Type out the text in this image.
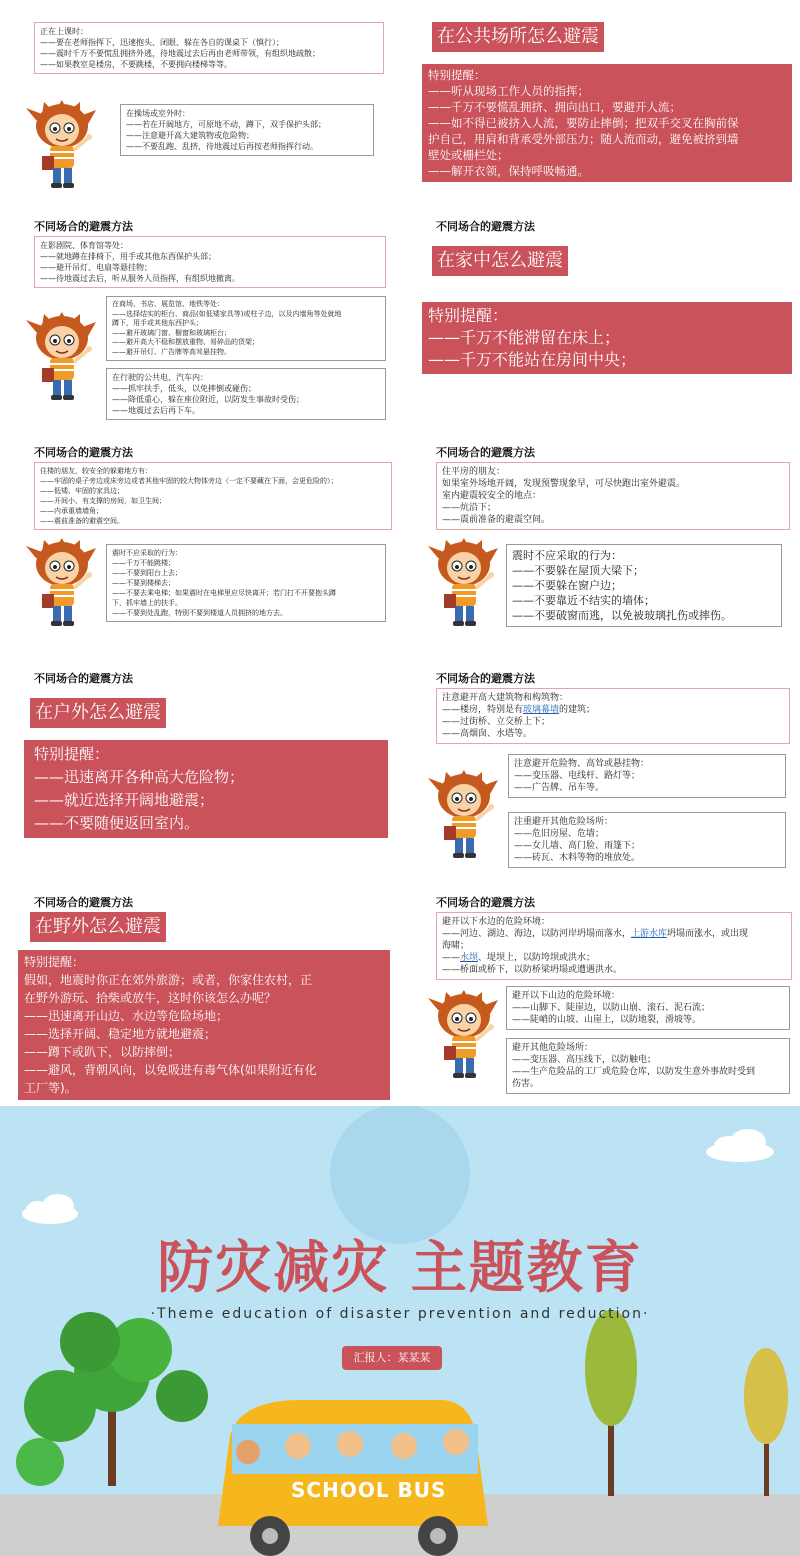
正在上课时：
——要在老师指挥下，迅速抱头、闭眼、躲在各自的课桌下（慎行）；
——震时千万不要慌乱拥挤外逃，待地震过去后再由老师带领，有组织地疏散；
——如果教室是楼房，不要跳楼，不要拥向楼梯等等。
在操场或室外时：
——若在开阔地方，可原地不动，蹲下，双手保护头部；
——注意避开高大建筑物或危险物；
——不要乱跑、乱挤，待地震过后再按老师指挥行动。
在公共场所怎么避震
特别提醒：
——听从现场工作人员的指挥；
——千万不要慌乱拥挤、拥向出口，要避开人流；
——如不得已被挤入人流，要防止摔倒；把双手交叉在胸前保
护自己，用肩和背承受外部压力；随人流而动，避免被挤到墙
壁处或栅栏处；
——解开衣领，保持呼吸畅通。
不同场合的避震方法
在影剧院、体育馆等处：
——就地蹲在排椅下，用手或其他东西保护头部；
——避开吊灯、电扇等悬挂物；
——待地震过去后，听从服务人员指挥，有组织地撤离。
在商场、书店、展览馆、地铁等处：
——选择结实的柜台、商品(如低矮家具等)或柱子边，以及内墙角等处就地
蹲下，用手或其他东西护头；
——避开玻璃门窗、橱窗和玻璃柜台；
——避开高大不稳和摆放重物、易碎品的货架；
——避开吊灯、广告牌等高耸悬挂物。
在行驶的公共电、汽车内：
——抓牢扶手，低头，以免摔倒或碰伤；
——降低重心，躲在座位附近，以防发生事故时受伤；
——地震过去后再下车。
不同场合的避震方法
在家中怎么避震
特别提醒：
——千万不能滞留在床上；
——千万不能站在房间中央；
不同场合的避震方法
住楼的朋友，较安全的躲避地方有：
——牢固的桌子旁边或床旁边或者其他牢固的较大物体旁边（一定不要藏在下面，会更危险的）；
——低矮、牢固的家具边；
——开间小、有支撑的房间，如卫生间；
——内承重墙墙角；
——震前准备的避震空间。
震时不应采取的行为：
——千万不能跳楼；
——不要到阳台上去；
——不要到楼梯去；
——不要去乘电梯；如果震时在电梯里应尽快离开；若门打不开要抱头蹲
下，抓牢墙上的扶手。
——不要到处乱跑，特别不要到楼道人员拥挤的地方去。
不同场合的避震方法
住平房的朋友：
如果室外场地开阔，发现预警现象早，可尽快跑出室外避震。
室内避震较安全的地点：
——炕沿下；
——震前准备的避震空间。
震时不应采取的行为：
——不要躲在屋顶大梁下；
——不要躲在窗户边；
——不要靠近不结实的墙体；
——不要破窗而逃，以免被玻璃扎伤或摔伤。
不同场合的避震方法
在户外怎么避震
特别提醒：
——迅速离开各种高大危险物；
——就近选择开阔地避震；
——不要随便返回室内。
不同场合的避震方法
注意避开高大建筑物和构筑物：
——楼房，特别是有玻璃幕墙的建筑；
——过街桥、立交桥上下；
——高烟囱、水塔等。
注意避开危险物、高耸或悬挂物：
——变压器、电线杆、路灯等；
——广告牌、吊车等。
注重避开其他危险场所：
——危旧房屋、危墙；
——女儿墙、高门脸、雨篷下；
——砖瓦、木料等物的堆放处。
不同场合的避震方法
在野外怎么避震
特别提醒：
假如，地震时你正在郊外旅游；或者，你家住农村，正
在野外游玩、拾柴或放牛，这时你该怎么办呢？
——迅速离开山边、水边等危险场地；
——选择开阔、稳定地方就地避震；
——蹲下或趴下，以防摔倒；
——避风，背朝风向，以免吸进有毒气体(如果附近有化
工厂等)。
不同场合的避震方法
避开以下水边的危险环境：
——河边、湖边、海边，以防河岸坍塌而落水，上游水库坍塌而涨水，或出现
海啸；
——水坝、堤坝上，以防垮坝或洪水；
——桥面或桥下，以防桥梁坍塌或遭遇洪水。
避开以下山边的危险环境：
——山脚下、陡崖边，以防山崩、滚石、泥石流；
——陡峭的山坡、山崖上，以防地裂，滑坡等。
避开其他危险场所：
——变压器、高压线下，以防触电；
——生产危险品的工厂或危险仓库，以防发生意外事故时受到
伤害。
防灾减灾 主题教育
·Theme education of disaster prevention and reduction·
汇报人：某某某
SCHOOL BUS
